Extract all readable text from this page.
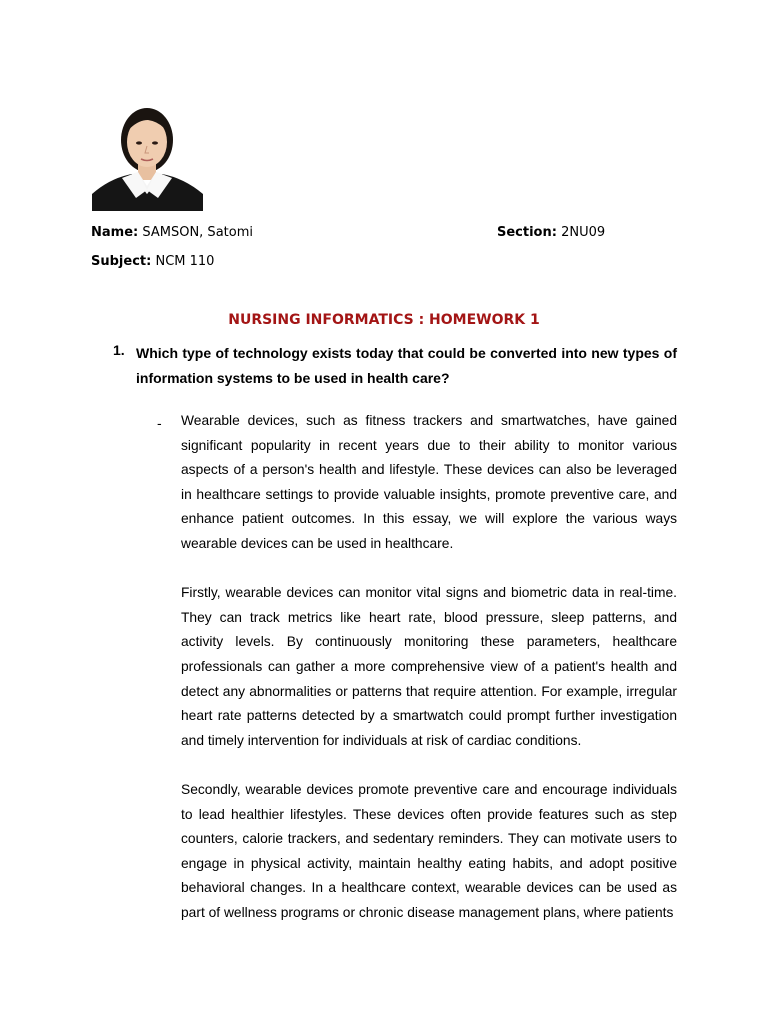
Name: SAMSON, Satomi	Section: 2NU09
Subject: NCM 110
NURSING INFORMATICS : HOMEWORK 1
1. Which type of technology exists today that could be converted into new types of information systems to be used in health care?
- Wearable devices, such as fitness trackers and smartwatches, have gained significant popularity in recent years due to their ability to monitor various aspects of a person's health and lifestyle. These devices can also be leveraged in healthcare settings to provide valuable insights, promote preventive care, and enhance patient outcomes. In this essay, we will explore the various ways wearable devices can be used in healthcare.

Firstly, wearable devices can monitor vital signs and biometric data in real-time. They can track metrics like heart rate, blood pressure, sleep patterns, and activity levels. By continuously monitoring these parameters, healthcare professionals can gather a more comprehensive view of a patient's health and detect any abnormalities or patterns that require attention. For example, irregular heart rate patterns detected by a smartwatch could prompt further investigation and timely intervention for individuals at risk of cardiac conditions.

Secondly, wearable devices promote preventive care and encourage individuals to lead healthier lifestyles. These devices often provide features such as step counters, calorie trackers, and sedentary reminders. They can motivate users to engage in physical activity, maintain healthy eating habits, and adopt positive behavioral changes. In a healthcare context, wearable devices can be used as part of wellness programs or chronic disease management plans, where patients
